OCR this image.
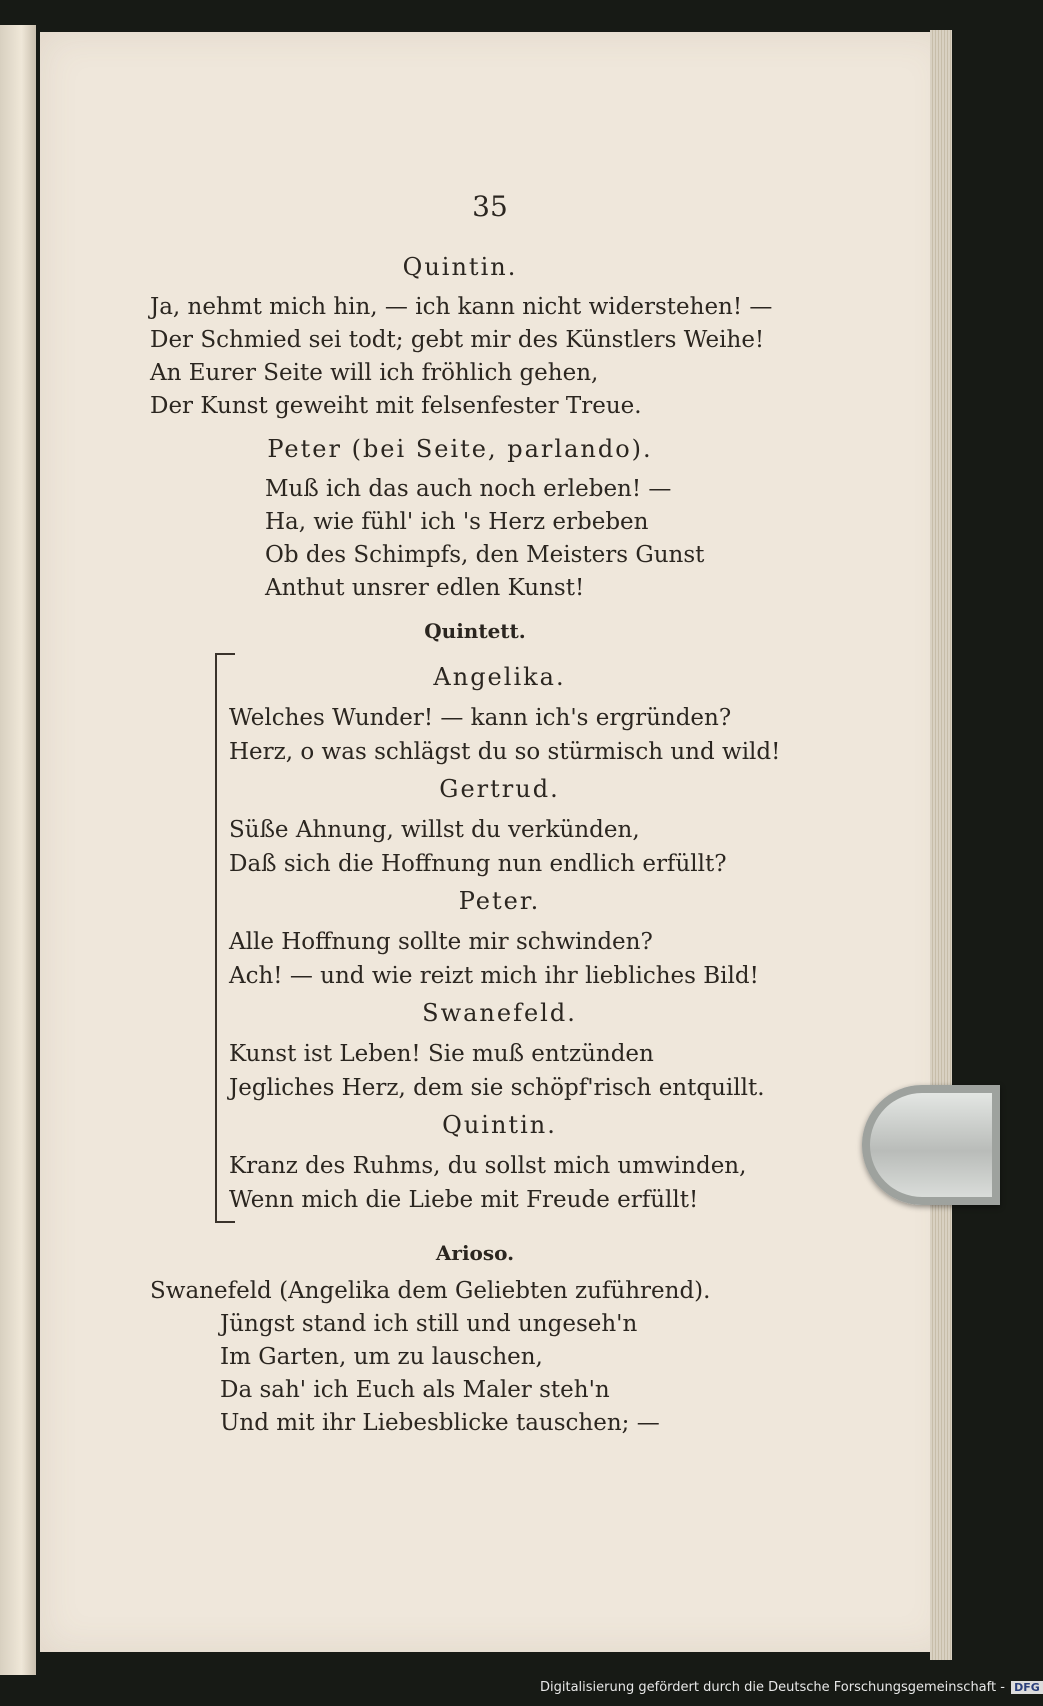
35
Quintin.
Ja, nehmt mich hin, — ich kann nicht widerstehen! —
Der Schmied sei todt; gebt mir des Künstlers Weihe!
An Eurer Seite will ich fröhlich gehen,
Der Kunst geweiht mit felsenfester Treue.
Peter (bei Seite, parlando).
Muß ich das auch noch erleben! —
Ha, wie fühl' ich 's Herz erbeben
Ob des Schimpfs, den Meisters Gunst
Anthut unsrer edlen Kunst!
Quintett.
Angelika.
Welches Wunder! — kann ich's ergründen?
Herz, o was schlägst du so stürmisch und wild!
Gertrud.
Süße Ahnung, willst du verkünden,
Daß sich die Hoffnung nun endlich erfüllt?
Peter.
Alle Hoffnung sollte mir schwinden?
Ach! — und wie reizt mich ihr liebliches Bild!
Swanefeld.
Kunst ist Leben! Sie muß entzünden
Jegliches Herz, dem sie schöpf'risch entquillt.
Quintin.
Kranz des Ruhms, du sollst mich umwinden,
Wenn mich die Liebe mit Freude erfüllt!
Arioso.
Swanefeld (Angelika dem Geliebten zuführend).
Jüngst stand ich still und ungeseh'n
Im Garten, um zu lauschen,
Da sah' ich Euch als Maler steh'n
Und mit ihr Liebesblicke tauschen; —
Digitalisierung gefördert durch die Deutsche Forschungsgemeinschaft - DFG
